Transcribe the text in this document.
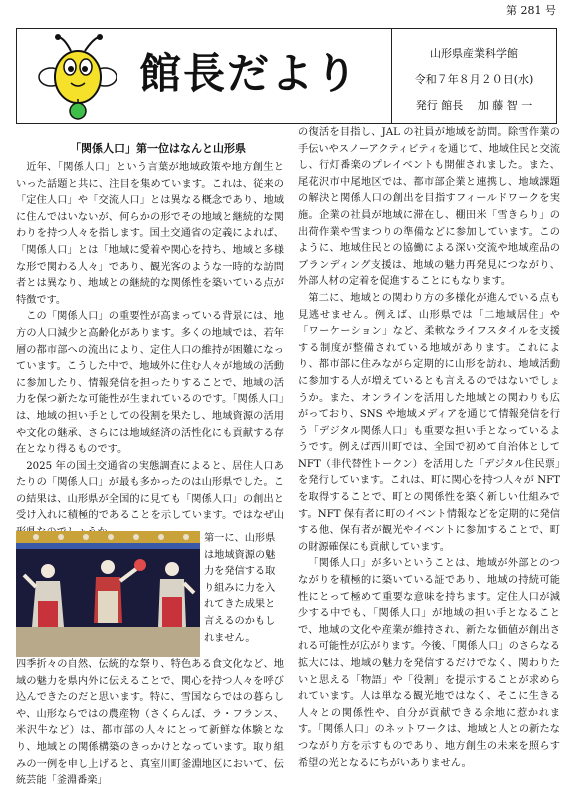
第 281 号
館長だより	山形県産業科学館
令和７年８月２０日(水)
発行 館長　 加 藤 智 一
「関係人口」第一位はなんと山形県

近年、「関係人口」という言葉が地域政策や地方創生といった話題と共に、注目を集めています。これは、従来の「定住人口」や「交流人口」とは異なる概念であり、地域に住んではいないが、何らかの形でその地域と継続的な関わりを持つ人々を指します。国土交通省の定義によれば、「関係人口」とは「地域に愛着や関心を持ち、地域と多様な形で関わる人々」であり、観光客のような一時的な訪問者とは異なり、地域との継続的な関係性を築いている点が特徴です。

この「関係人口」の重要性が高まっている背景には、地方の人口減少と高齢化があります。多くの地域では、若年層の都市部への流出により、定住人口の維持が困難になっています。こうした中で、地域外に住む人々が地域の活動に参加したり、情報発信を担ったりすることで、地域の活力を保つ新たな可能性が生まれているのです。「関係人口」は、地域の担い手としての役割を果たし、地域資源の活用や文化の継承、さらには地域経済の活性化にも貢献する存在となり得るものです。

2025 年の国土交通省の実態調査によると、居住人口あたりの「関係人口」が最も多かったのは山形県でした。この結果は、山形県が全国的に見ても「関係人口」の創出と受け入れに積極的であることを示しています。ではなぜ山

第一に、山形県は地域資源の魅力を発信する取り組みに力を入れてきた成果と言えるのかもしれません。

四季折々の自然、伝統的な祭り、特色ある食文化など、地域の魅力を県内外に伝えることで、関心を持つ人々を呼び込んできたのだと思います。特に、雪国ならではの暮らしや、山形ならではの農産物（さくらんぼ、ラ・フランス、米沢牛など）は、都市部の人々にとって新鮮な体験となり、地域との関係構築のきっかけとなっています。取り組みの一例を申し上げると、真室川町釜淵地区において、伝統芸能「釜淵番楽」

の復活を目指し、JAL の社員が地域を訪問。除雪作業の手伝いやスノーアクティビティを通じて、地域住民と交流し、行灯番楽のプレイベントも開催されました。また、尾花沢市中尾地区では、都市部企業と連携し、地域課題の解決と関係人口の創出を目指すフィールドワークを実施。企業の社員が地域に滞在し、棚田米「雪きらり」の出荷作業や雪まつりの準備などに参加しています。このように、地域住民との協働による深い交流や地域産品のブランディング支援は、地域の魅力再発見につながり、外部人材の定着を促進することにもなります。

第二に、地域との関わり方の多様化が進んでいる点も見逃せません。例えば、山形県では「二地域居住」や「ワーケーション」など、柔軟なライフスタイルを支援する制度が整備されている地域があります。これにより、都市部に住みながら定期的に山形を訪れ、地域活動に参加する人が増えているとも言えるのではないでしょうか。また、オンラインを活用した地域との関わりも広がっており、SNS や地域メディアを通じて情報発信を行う「デジタル関係人口」も重要な担い手となっているようです。例えば西川町では、全国で初めて自治体として NFT（非代替性トークン）を活用した「デジタル住民票」を発行しています。これは、町に関心を持つ人々が NFT を取得することで、町との関係性を築く新しい仕組みです。NFT 保有者に町のイベント情報などを定期的に発信する他、保有者が観光やイベントに参加することで、町の財源確保にも貢献しています。

「関係人口」が多いということは、地域が外部とのつながりを積極的に築いている証であり、地域の持続可能性にとって極めて重要な意味を持ちます。定住人口が減少する中でも、「関係人口」が地域の担い手となることで、地域の文化や産業が維持され、新たな価値が創出される可能性が広がります。今後、「関係人口」のさらなる拡大には、地域の魅力を発信するだけでなく、関わりたいと思える「物語」や「役割」を提示することが求められています。人は単なる観光地ではなく、そこに生きる人々との関係性や、自分が貢献できる余地に惹かれます。「関係人口」のネットワークは、地域と人との新たなつながり方を示すものであり、地方創生の未来を照らす希望の光となるにちがいありません。
